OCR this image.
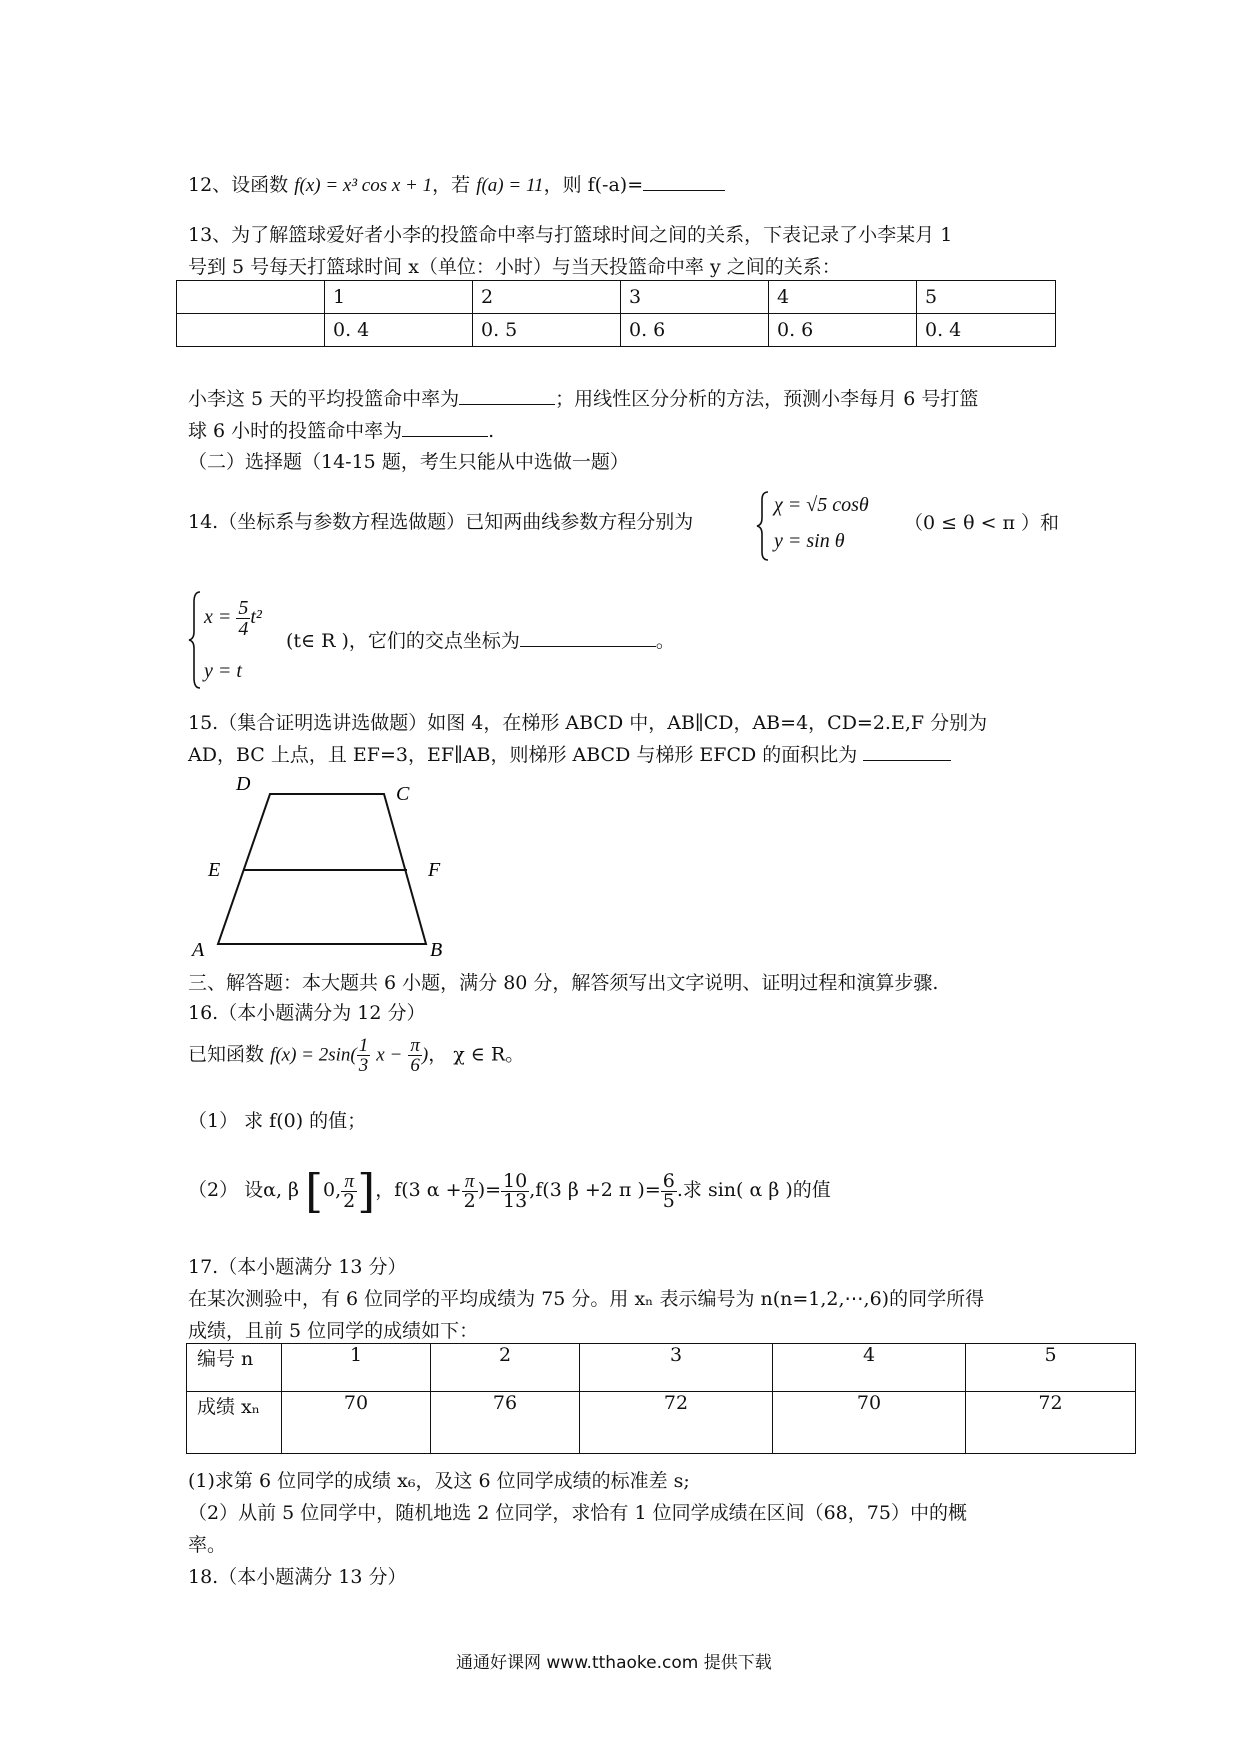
12、设函数 f(x) = x³ cos x + 1，若 f(a) = 11，则 f(-a)=
13、为了解篮球爱好者小李的投篮命中率与打篮球时间之间的关系，下表记录了小李某月 1
号到 5 号每天打篮球时间 x（单位：小时）与当天投篮命中率 y 之间的关系：
	1	2	3	4	5
	0. 4	0. 5	0. 6	0. 6	0. 4
小李这 5 天的平均投篮命中率为	；用线性区分分析的方法，预测小李每月 6 号打篮
球 6 小时的投篮命中率为	.
（二）选择题（14-15 题，考生只能从中选做一题）
14.（坐标系与参数方程选做题）已知两曲线参数方程分别为
χ = √5 cosθ
y = sin θ
（0 ≤ θ < π ）和
$x = \frac{5}{4} t^2$
y = t
(t∈ R )，它们的交点坐标为	。
15.（集合证明选讲选做题）如图 4，在梯形 ABCD 中，AB∥CD，AB=4，CD=2.E,F 分别为
AD，BC 上点，且 EF=3，EF∥AB，则梯形 ABCD 与梯形 EFCD 的面积比为
D	C
E	F
A	B
三、解答题：本大题共 6 小题，满分 80 分，解答须写出文字说明、证明过程和演算步骤.
16.（本小题满分为 12 分）
已知函数 $f(x) = 2\sin( \frac{1}{3}$ $x - \frac{\pi}{6}$ )， χ ∈ R。
（1） 求 f(0) 的值；
（2） 设α, β [0, $\frac{\pi}{2}$ ]，f(3 $\alpha + \frac{\pi}{2}$ )= $\frac{10}{13} ,f(3$ β +2 π )= $\frac{6}{5}$ .求 sin( α β )的值
17.（本小题满分 13 分）
在某次测验中，有 6 位同学的平均成绩为 75 分。用 xₙ 表示编号为 n(n=1,2,⋯,6)的同学所得
成绩，且前 5 位同学的成绩如下：
编号 n	1	2	3	4	5
成绩 xₙ	70	76	72	70	72
(1)求第 6 位同学的成绩 x₆，及这 6 位同学成绩的标准差 s;
（2）从前 5 位同学中，随机地选 2 位同学，求恰有 1 位同学成绩在区间（68，75）中的概
率。
18.（本小题满分 13 分）
通通好课网 www.tthaoke.com 提供下载
